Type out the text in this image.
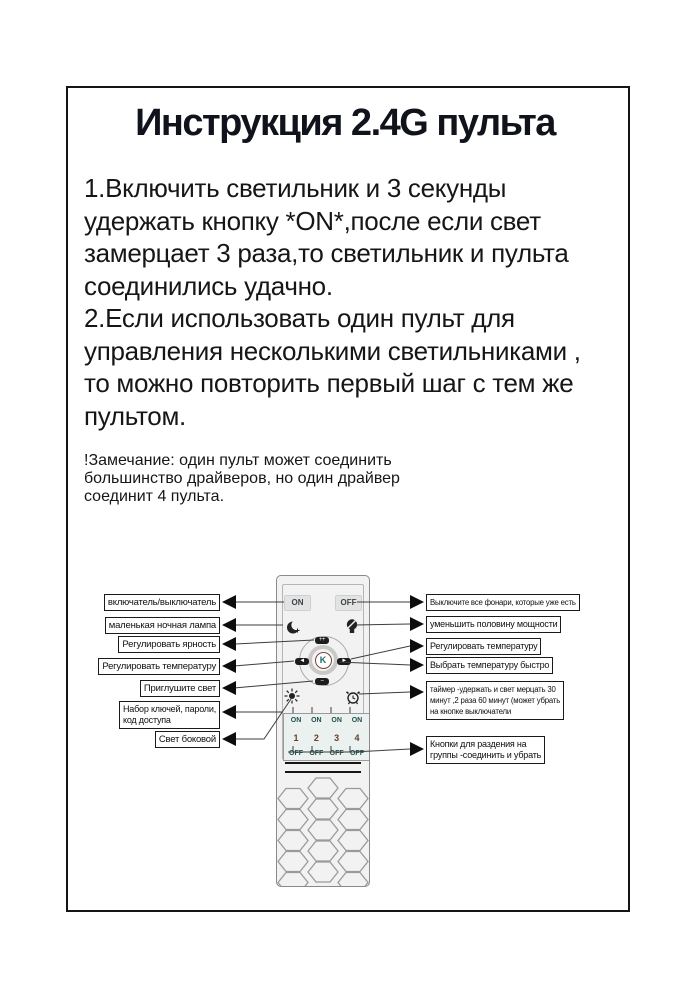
Инструкция 2.4G пульта
1.Включить светильник и 3 секунды
удержать кнопку *ON*,после если свет
замерцает 3 раза,то светильник и пульта
соединились удачно.
2.Если использовать один пульт для
управления несколькими светильниками ,
то можно повторить первый шаг с тем же
пультом.
!Замечание: один пульт может соединить
большинство драйверов, но один драйвер
соединит 4 пульта.
ON	OFF
K
++
--
◄	►
ON
1
OFF
ON
2
OFF
ON
3
OFF
ON
4
OFF
включатель/выключатель
маленькая ночная лампа
Регулировать ярность
Регулировать температуру
Приглушите свет
Набор ключей, пароли,
код доступа
Свет боковой
Выключите все фонари, которые уже есть
уменьшить половину мощности
Регулировать температуру
Выбрать температуру быстро
таймер -удержать и свет мерцать 30
минут ,2 раза 60 минут (может убрать
на кнопке выключатели
Кнопки для раздения на
группы -соединить и убрать
